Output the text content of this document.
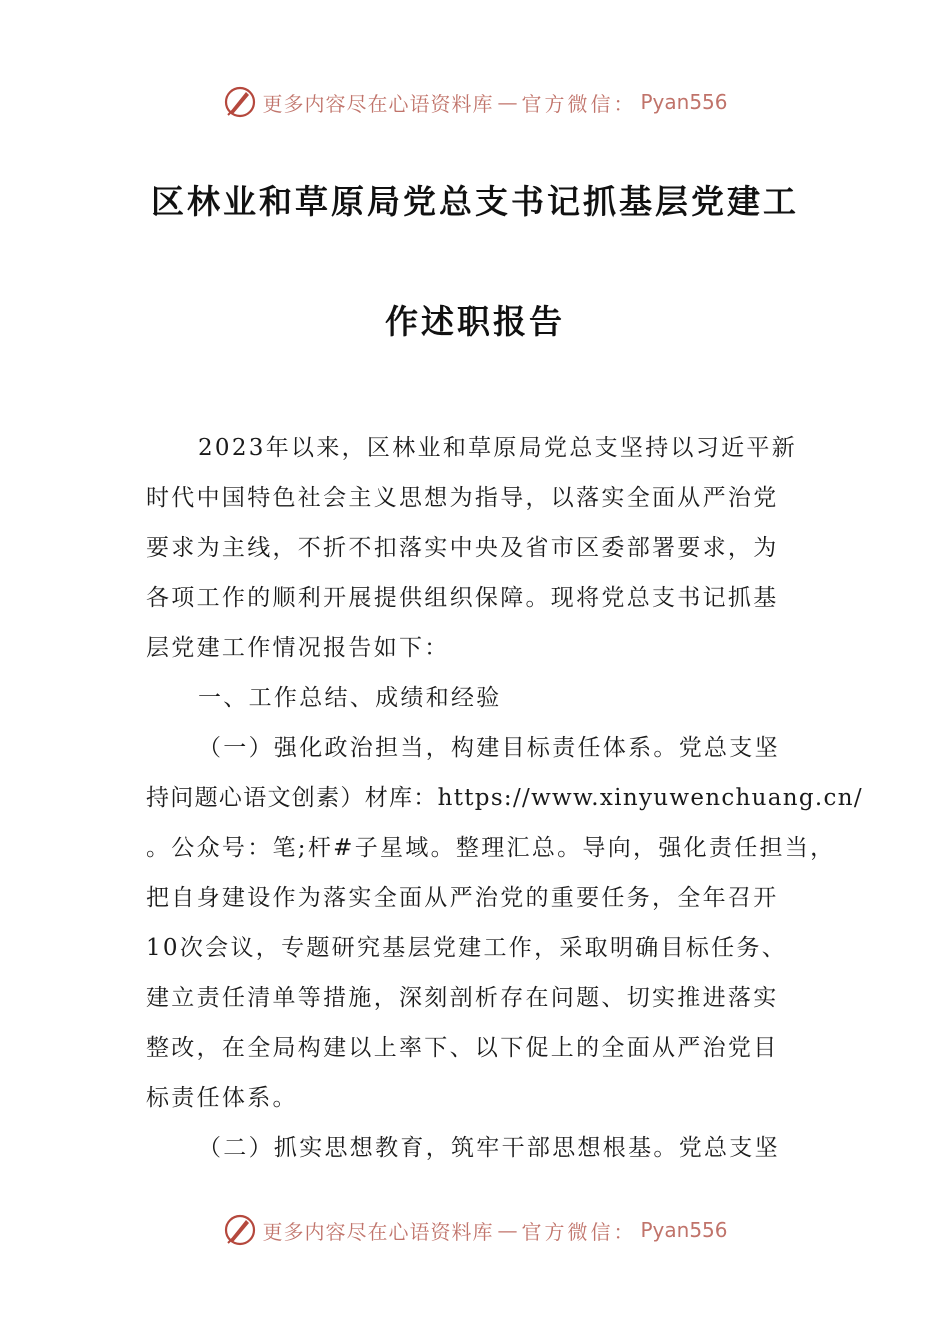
更多内容尽在心语资料库 — 官方微信： Pyan556
区林业和草原局党总支书记抓基层党建工
作述职报告
2023年以来，区林业和草原局党总支坚持以习近平新
时代中国特色社会主义思想为指导，以落实全面从严治党
要求为主线，不折不扣落实中央及省市区委部署要求，为
各项工作的顺利开展提供组织保障。现将党总支书记抓基
层党建工作情况报告如下：
一、工作总结、成绩和经验
（一）强化政治担当，构建目标责任体系。党总支坚
持问题心语文创素）材库：https://www.xinyuwenchuang.cn/
。公众号：笔;杆#子星域。整理汇总。导向，强化责任担当，
把自身建设作为落实全面从严治党的重要任务，全年召开
10次会议，专题研究基层党建工作，采取明确目标任务、
建立责任清单等措施，深刻剖析存在问题、切实推进落实
整改，在全局构建以上率下、以下促上的全面从严治党目
标责任体系。
（二）抓实思想教育，筑牢干部思想根基。党总支坚
更多内容尽在心语资料库 — 官方微信： Pyan556
